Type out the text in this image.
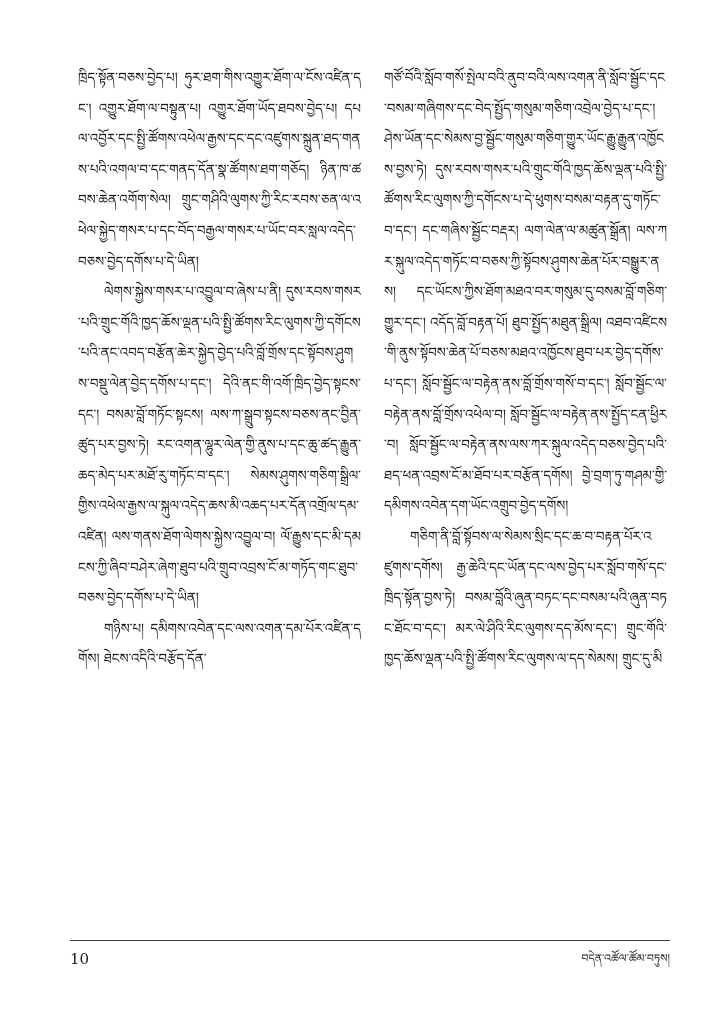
ཁྲིད་སྟོན་བཅས་བྱེད་པ། ཧུར་ཐག་གིས་འགྱུར་ཐོག་ལ་ངོས་འཛིན་དང་། འགྱུར་ཐོག་ལ་བསྟུན་པ། འགྱུར་ཐོག་ཡོད་ཐབས་བྱེད་པ། དཔལ་འབྱོར་དང་སྤྱི་ཚོགས་འཕེལ་རྒྱས་དང་དང་འཛུགས་སྐྲུན་ཐད་གནས་པའི་འགལ་བ་དང་གནད་དོན་སྣ་ཚོགས་ཐག་གཅོད། ཉིན་ཁ་ཚབས་ཆེན་འགོག་སེལ། གྲུང་གཤིའི་ལུགས་ཀྱི་རིང་རབས་ཅན་ལ་འཕེལ་སྐྱེད་གསར་པ་དང་བོད་བརྒྱལ་གསར་པ་ཡོང་བར་སླལ་འདེད་བཅས་བྱེད་དགོས་པ་དེ་ཡིན།

ལེགས་སྐྱེས་གསར་པ་འབྱུལ་བ་ཞེས་པ་ནི། དུས་རབས་གསར་པའི་གྲུང་གོའི་ཁྱད་ཆོས་ལྡན་པའི་སྤྱི་ཚོགས་རིང་ལུགས་ཀྱི་དགོངས་པའི་ནང་འབད་བརྩོན་ཆེར་སྐྱེད་བྱེད་པའི་བློ་གྲོས་དང་སྟོབས་ཤུགས་བསྡུ་ལེན་བྱེད་དགོས་པ་དང་། དེའི་ནང་གི་འགོ་ཁྲིད་བྱེད་སྟངས་དང་། བསམ་བློ་གཏོང་སྟངས། ལས་ཀ་སྒྲུབ་སྟངས་བཅས་ནང་བྱིན་ཚུད་པར་བྱས་ཏེ། རང་འགན་ལྷུར་ལེན་གྱི་ནུས་པ་དང་ཆུ་ཚད་རྒྱུན་ཆད་མེད་པར་མཐོ་རུ་གཏོང་བ་དང་། སེམས་ཤུགས་གཅིག་སྒྲིལ་གྱིས་འཕེལ་རྒྱས་ལ་སྐུལ་འདེད་ཆས་མི་འཆད་པར་དོན་འགྲོལ་དམ་འཛིན། ལས་གནས་ཐོག་ལེགས་སྐྱེས་འབྱུལ་བ། ལོ་རྒྱུས་དང་མི་དམངས་ཀྱི་ཞིབ་བཤེར་ཞེག་ཐུབ་པའི་གྲུབ་འབྲས་ངོ་མ་གཏོད་གང་ཐུབ་བཅས་བྱེད་དགོས་པ་དེ་ཡིན།

གཉིས་པ། དམིགས་འབེན་དང་ལས་འགན་དམ་པོར་འཛིན་དགོས། ཐེངས་འདིའི་བརྩོད་དོན་

གཙོ་བོའི་སློབ་གསོ་སྤེལ་བའི་ནུབ་བའི་ལས་འགན་ནི་སློབ་སྦྱོང་དང་བསམ་གཞིགས་དང་བེད་སྤྱོད་གསུམ་གཅིག་འབྲེལ་བྱེད་པ་དང་། ཤེས་ཡོན་དང་སེམས་བྱ་སྦྱོང་གསུམ་གཅིག་གྱུར་ཡོང་རྒྱུ་རྒྱུན་འཁྱོངས་བྱས་ཏེ། དུས་རབས་གསར་པའི་གྲུང་གོའི་ཁྱད་ཆོས་ལྡན་པའི་སྤྱི་ཚོགས་རིང་ལུགས་ཀྱི་དགོངས་པ་དེ་ཕུགས་བསམ་བརྟན་དུ་གཏོང་བ་དང་། དང་གཞིས་སྦྱོང་བརྡར། ལག་ལེན་ལ་མཚུན་སྒྲོན། ལས་ཀར་སྐུལ་འདེད་གཏོང་བ་བཅས་ཀྱི་སྟོབས་ཤུགས་ཆེན་པོར་བསྒྱུར་ནས། དང་ཡོངས་ཀྱིས་ཐོག་མཐའ་བར་གསུམ་དུ་བསམ་བློ་གཅིག་གྱུར་དང་། འདོད་བློ་བརྟན་པོ། ཐུབ་སྤྱོད་མཐུན་སྒྲིལ། འཐབ་འཛིངས་གི་ནུས་སྟོབས་ཆེན་པོ་བཅས་མཐའ་འཁྱོངས་ཐུབ་པར་བྱེད་དགོས་པ་དང་། སློབ་སྦྱོང་ལ་བརྟེན་ནས་བློ་གྲོས་གསོ་བ་དང་། སློབ་སྦྱོང་ལ་བརྟེན་ནས་བློ་གྲོས་འཕེལ་བ། སློབ་སྦྱོང་ལ་བརྟེན་ནས་སྤྱོད་ངན་ཕྱིར་བ། སློབ་སྦྱོང་ལ་བརྟེན་ནས་ལས་ཀར་སྐུལ་འདེད་བཅས་བྱེད་པའི་ཐད་ཕན་འབྲས་ངོ་མ་ཐོབ་པར་བརྩོན་དགོས། བྱེ་བྲག་ཏུ་གཤམ་གྱི་དམིགས་འབེན་དག་ཡོང་འགྲུབ་བྱེད་དགོས།

གཅིག་ནི་བློ་སྟོབས་ལ་སེམས་སྲིང་དང་ཆ་བ་བརྟན་པོར་འཛུགས་དགོས། རྒྱ་ཆེའི་དང་ཡོན་དང་ལས་བྱེད་པར་སློབ་གསོ་དང་ཁྲིད་སྟོན་བྱས་ཏེ། བསམ་བློའི་ཞུན་བཏང་དང་བསམ་པའི་ཞུན་བཏང་ཐོང་བ་དང་། མར་ལེ་ཤིའི་རིང་ལུགས་དད་མོས་དང་། གྲུང་གོའི་ཁྱད་ཆོས་ལྡན་པའི་སྤྱི་ཚོགས་རིང་ལུགས་ལ་དད་སེམས། གྲུང་དུ་མི

10	བདེན་འཚོལ་ཚོམ་བཏུས།
